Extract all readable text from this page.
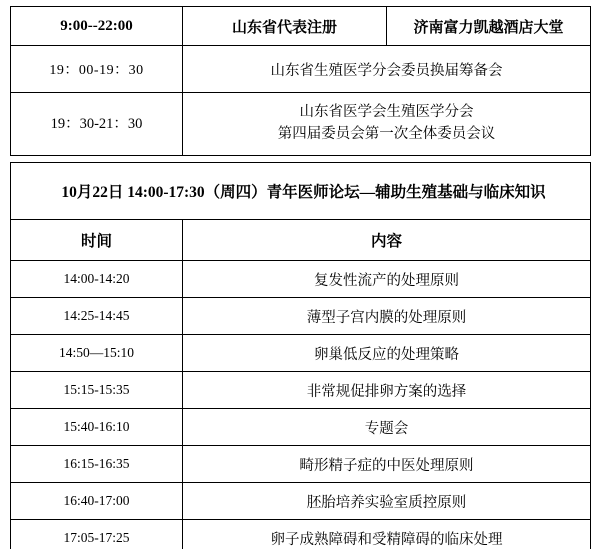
9:00--22:00	山东省代表注册	济南富力凯越酒店大堂
19：00-19：30	山东省生殖医学分会委员换届筹备会	
19：30-21：30	山东省医学会生殖医学分会
第四届委员会第一次全体委员会议	
10月22日 14:00-17:30（周四）青年医师论坛—辅助生殖基础与临床知识	
时间	内容
14:00-14:20	复发性流产的处理原则
14:25-14:45	薄型子宫内膜的处理原则
14:50—15:10	卵巢低反应的处理策略
15:15-15:35	非常规促排卵方案的选择
15:40-16:10	专题会
16:15-16:35	畸形精子症的中医处理原则
16:40-17:00	胚胎培养实验室质控原则
17:05-17:25	卵子成熟障碍和受精障碍的临床处理
